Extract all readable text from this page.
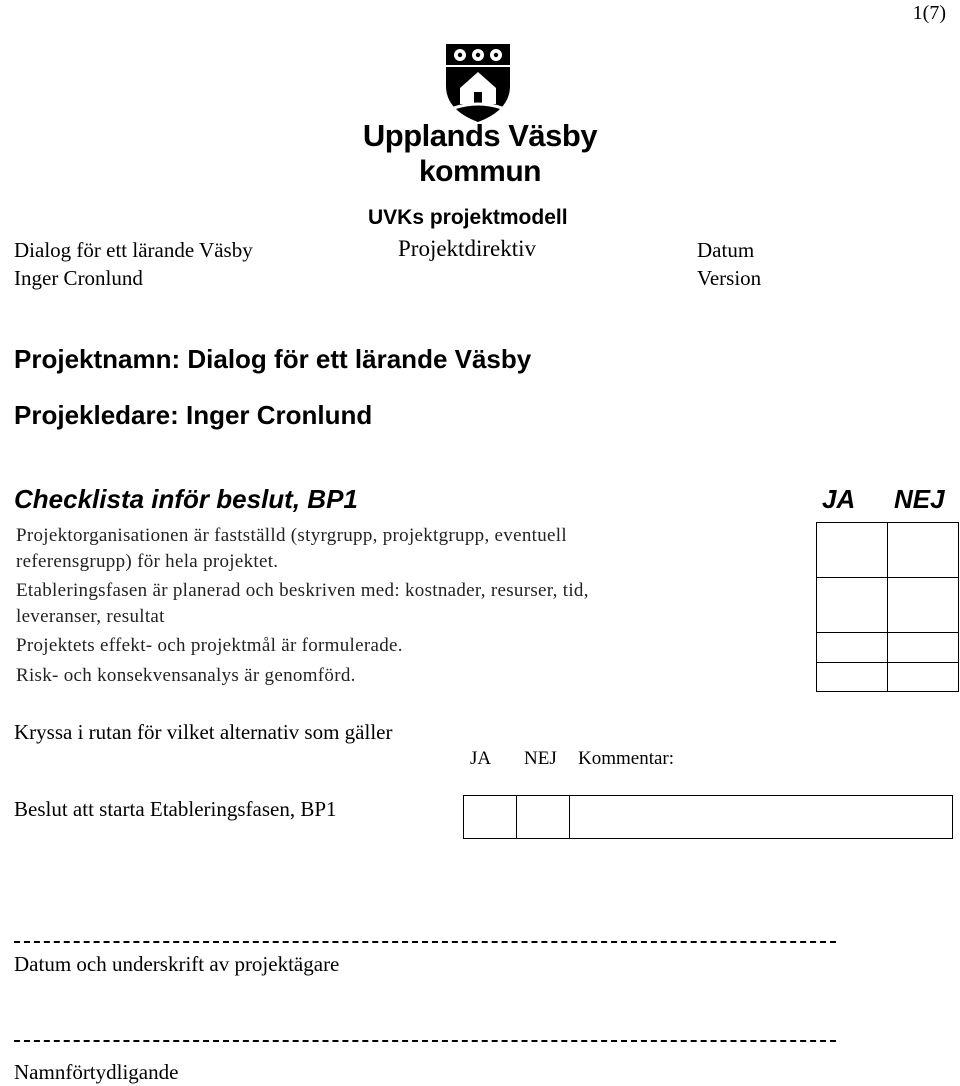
1(7)
Upplands Väsby
kommun
UVKs projektmodell
Dialog för ett lärande Väsby	Projektdirektiv	Datum
Inger Cronlund	Version
Projektnamn: Dialog för ett lärande Väsby
Projekledare: Inger Cronlund
Checklista inför beslut, BP1	JA NEJ
Projektorganisationen är fastställd (styrgrupp, projektgrupp, eventuell
referensgrupp) för hela projektet.		

Etableringsfasen är planerad och beskriven med: kostnader, resurser, tid,
leveranser, resultat		

Projektets effekt- och projektmål är formulerade.		

Risk- och konsekvensanalys är genomförd.		

Kryssa i rutan för vilket alternativ som gäller
JA NEJ Kommentar:
Beslut att starta Etableringsfasen, BP1

Datum och underskrift av projektägare
Namnförtydligande
